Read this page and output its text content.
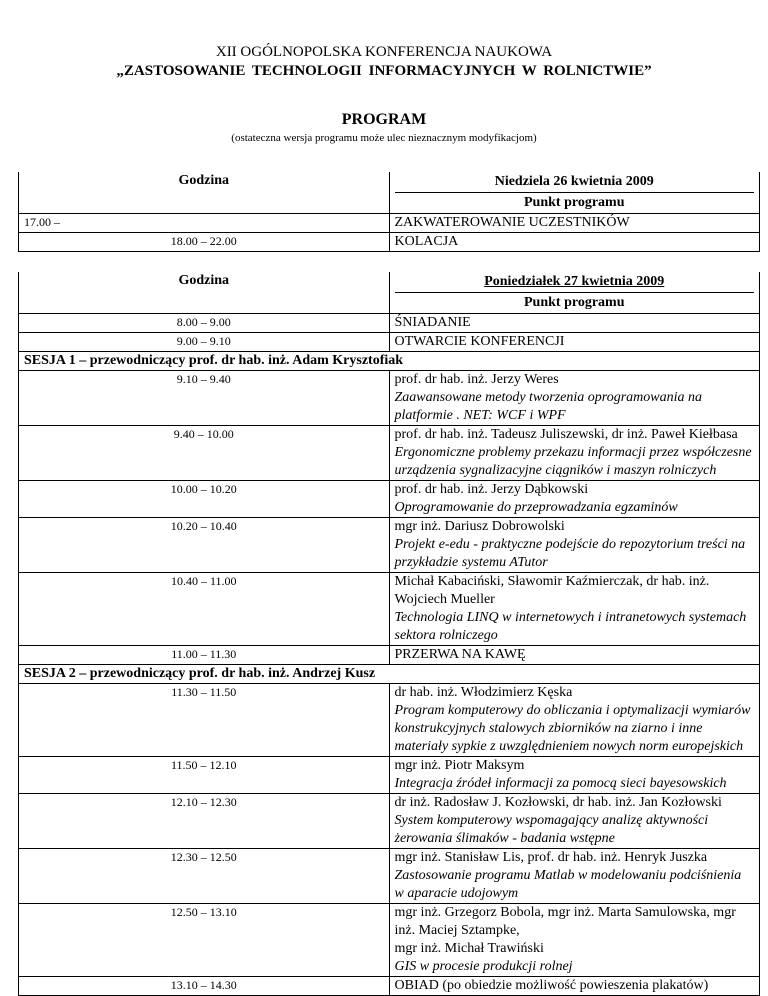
XII OGÓLNOPOLSKA KONFERENCJA NAUKOWA
„ZASTOSOWANIE TECHNOLOGII INFORMACYJNYCH W ROLNICTWIE”
PROGRAM
(ostateczna wersja programu może ulec nieznacznym modyfikacjom)
Godzina	Niedziela 26 kwietnia 2009
Punkt programu

17.00 –	ZAKWATEROWANIE UCZESTNIKÓW
18.00 – 22.00	KOLACJA
Godzina	Poniedziałek 27 kwietnia 2009
Punkt programu

8.00 – 9.00	ŚNIADANIE
9.00 – 9.10	OTWARCIE KONFERENCJI
SESJA 1 – przewodniczący prof. dr hab. inż. Adam Krysztofiak	
9.10 – 9.40	prof. dr hab. inż. Jerzy Weres
Zaawansowane metody tworzenia oprogramowania na platformie . NET: WCF i WPF

9.40 – 10.00	prof. dr hab. inż. Tadeusz Juliszewski, dr inż. Paweł Kiełbasa
Ergonomiczne problemy przekazu informacji przez współczesne urządzenia sygnalizacyjne ciągników i maszyn rolniczych

10.00 – 10.20	prof. dr hab. inż. Jerzy Dąbkowski
Oprogramowanie do przeprowadzania egzaminów

10.20 – 10.40	mgr inż. Dariusz Dobrowolski
Projekt e-edu - praktyczne podejście do repozytorium treści na przykładzie systemu ATutor

10.40 – 11.00	Michał Kabaciński, Sławomir Kaźmierczak, dr hab. inż. Wojciech Mueller
Technologia LINQ w internetowych i intranetowych systemach sektora rolniczego

11.00 – 11.30	PRZERWA NA KAWĘ
SESJA 2 – przewodniczący prof. dr hab. inż. Andrzej Kusz	
11.30 – 11.50	dr hab. inż. Włodzimierz Kęska
Program komputerowy do obliczania i optymalizacji wymiarów konstrukcyjnych stalowych zbiorników na ziarno i inne materiały sypkie z uwzględnieniem nowych norm europejskich

11.50 – 12.10	mgr inż. Piotr Maksym
Integracja źródeł informacji za pomocą sieci bayesowskich

12.10 – 12.30	dr inż. Radosław J. Kozłowski, dr hab. inż. Jan Kozłowski
System komputerowy wspomagający analizę aktywności żerowania ślimaków - badania wstępne

12.30 – 12.50	mgr inż. Stanisław Lis, prof. dr hab. inż. Henryk Juszka
Zastosowanie programu Matlab w modelowaniu podciśnienia w aparacie udojowym

12.50 – 13.10	mgr inż. Grzegorz Bobola, mgr inż. Marta Samulowska, mgr inż. Maciej Sztampke,
mgr inż. Michał Trawiński
GIS w procesie produkcji rolnej

13.10 – 14.30	OBIAD (po obiedzie możliwość powieszenia plakatów)
